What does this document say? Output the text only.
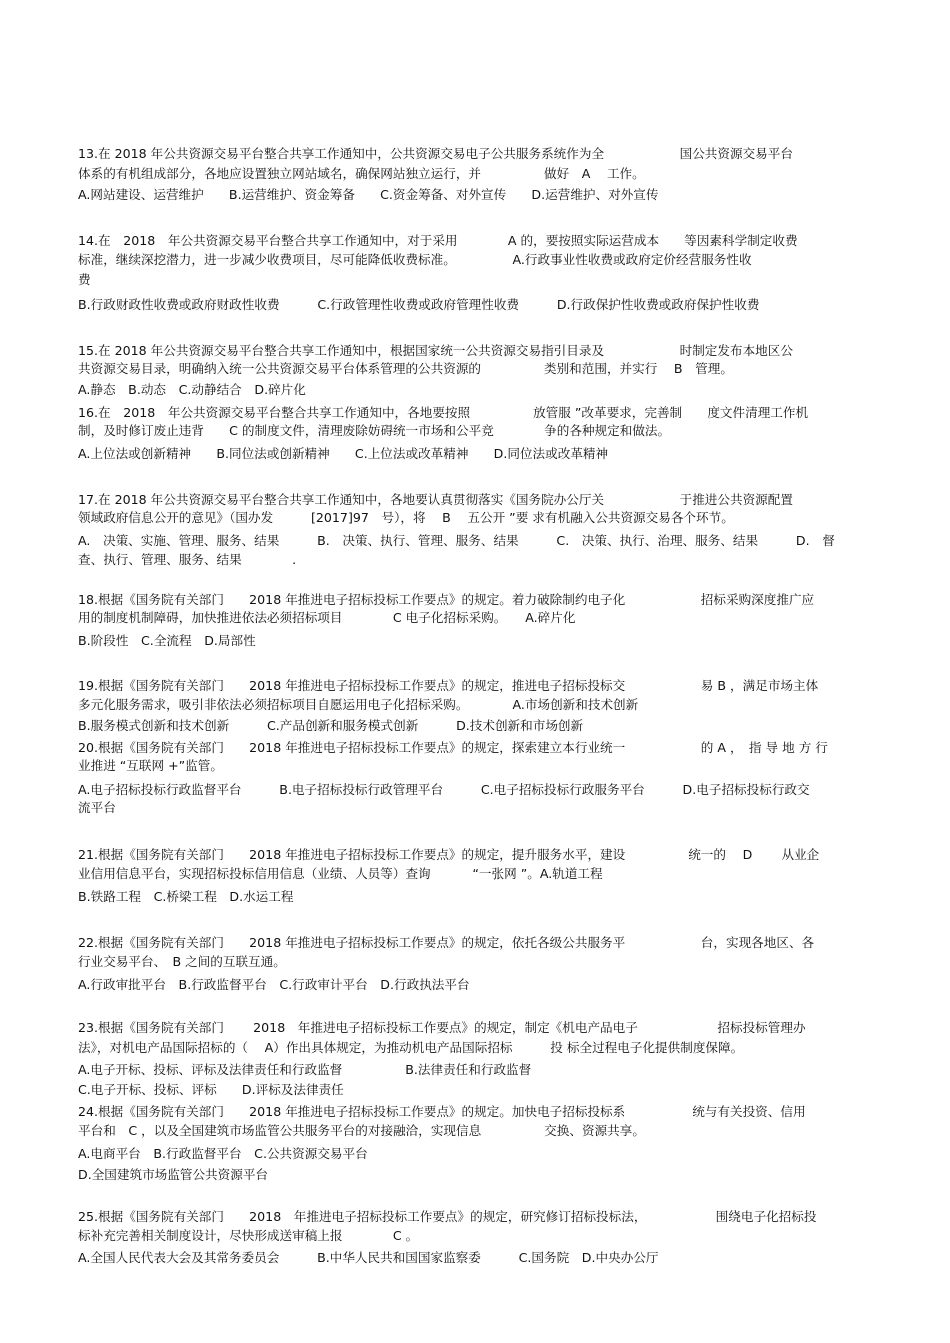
13.在 2018 年公共资源交易平台整合共享工作通知中，公共资源交易电子公共服务系统作为全　　　　　　国公共资源交易平台
体系的有机组成部分，各地应设置独立网站域名，确保网站独立运行，并　　　　　做好　A　 工作。
A.网站建设、运营维护　　B.运营维护、资金筹备　　C.资金筹备、对外宣传　　D.运营维护、对外宣传
14.在　2018　年公共资源交易平台整合共享工作通知中，对于采用　　　　A 的，要按照实际运营成本　　等因素科学制定收费
标准，继续深挖潜力，进一步减少收费项目，尽可能降低收费标准。　　　　　A.行政事业性收费或政府定价经营服务性收
费
B.行政财政性收费或政府财政性收费　　　C.行政管理性收费或政府管理性收费　　　D.行政保护性收费或政府保护性收费
15.在 2018 年公共资源交易平台整合共享工作通知中，根据国家统一公共资源交易指引目录及　　　　　　时制定发布本地区公
共资源交易目录，明确纳入统一公共资源交易平台体系管理的公共资源的　　　　　类别和范围，并实行　 B　管理。
A.静态　B.动态　C.动静结合　D.碎片化
16.在　2018　年公共资源交易平台整合共享工作通知中，各地要按照　　　　　放管服 ”改革要求，完善制　　度文件清理工作机
制，及时修订废止违背　　C 的制度文件，清理废除妨碍统一市场和公平竞　　　　争的各种规定和做法。
A.上位法或创新精神　　B.同位法或创新精神　　C.上位法或改革精神　　D.同位法或改革精神
17.在 2018 年公共资源交易平台整合共享工作通知中，各地要认真贯彻落实《国务院办公厅关　　　　　　于推进公共资源配置
领域政府信息公开的意见》（国办发　　　[2017]97　号），将　 B　 五公开 ”要 求有机融入公共资源交易各个环节。
A.　决策、实施、管理、服务、结果　　　B.　决策、执行、管理、服务、结果　　　C.　决策、执行、治理、服务、结果　　　D.　督
查、执行、管理、服务、结果　　　　.
18.根据《国务院有关部门　　2018 年推进电子招标投标工作要点》的规定。着力破除制约电子化　　　　　　招标采购深度推广应
用的制度机制障碍，加快推进依法必须招标项目　　　　C 电子化招标采购。　　A.碎片化
B.阶段性　C.全流程　D.局部性
19.根据《国务院有关部门　　2018 年推进电子招标投标工作要点》的规定，推进电子招标投标交　　　　　　易 B ，满足市场主体
多元化服务需求，吸引非依法必须招标项目自愿运用电子化招标采购。　　　　A.市场创新和技术创新
B.服务模式创新和技术创新　　　C.产品创新和服务模式创新　　　D.技术创新和市场创新
20.根据《国务院有关部门　　2018 年推进电子招标投标工作要点》的规定，探索建立本行业统一　　　　　　的 A ，　指 导 地 方 行
业推进 “互联网 +”监管。
A.电子招标投标行政监督平台　　　B.电子招标投标行政管理平台　　　C.电子招标投标行政服务平台　　　D.电子招标投标行政交
流平台
21.根据《国务院有关部门　　2018 年推进电子招标投标工作要点》的规定，提升服务水平，建设　　　　　统一的　 D　　 从业企
业信用信息平台，实现招标投标信用信息（业绩、人员等）查询　　　 “一张网 ”。A.轨道工程
B.铁路工程　C.桥梁工程　D.水运工程
22.根据《国务院有关部门　　2018 年推进电子招标投标工作要点》的规定，依托各级公共服务平　　　　　　台，实现各地区、各
行业交易平台、　B 之间的互联互通。
A.行政审批平台　B.行政监督平台　C.行政审计平台　D.行政执法平台
23.根据《国务院有关部门　　 2018　年推进电子招标投标工作要点》的规定，制定《机电产品电子　　　　　　 招标投标管理办
法》，对机电产品国际招标的（　 A）作出具体规定，为推动机电产品国际招标　　　投 标全过程电子化提供制度保障。
A.电子开标、投标、评标及法律责任和行政监督　　　　　B.法律责任和行政监督
C.电子开标、投标、评标　　D.评标及法律责任
24.根据《国务院有关部门　　2018 年推进电子招标投标工作要点》的规定。加快电子招标投标系　　　　　 统与有关投资、信用
平台和　C ，以及全国建筑市场监管公共服务平台的对接融洽，实现信息　　　　　交换、资源共享。
A.电商平台　B.行政监督平台　C.公共资源交易平台
D.全国建筑市场监管公共资源平台
25.根据《国务院有关部门　　2018　年推进电子招标投标工作要点》的规定，研究修订招标投标法，　　　　　　围绕电子化招标投
标补充完善相关制度设计，尽快形成送审稿上报　　　　C 。
A.全国人民代表大会及其常务委员会　　　B.中华人民共和国国家监察委　　　C.国务院　D.中央办公厅
